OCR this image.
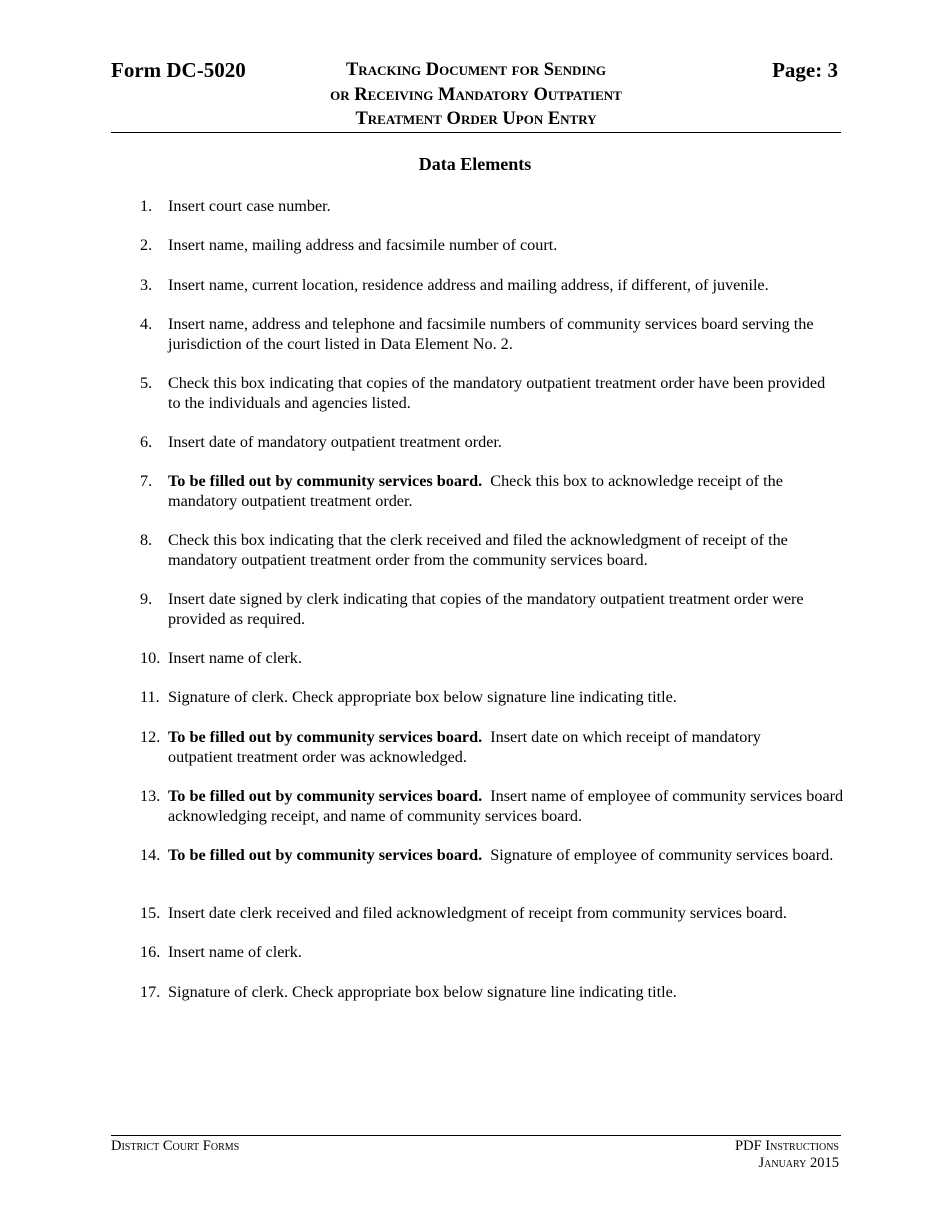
Form DC-5020	Tracking Document for Sending
or Receiving Mandatory Outpatient
Treatment Order Upon Entry
Page: 3
Data Elements
1. Insert court case number.
2. Insert name, mailing address and facsimile number of court.
3. Insert name, current location, residence address and mailing address, if different, of juvenile.
4. Insert name, address and telephone and facsimile numbers of community services board serving the jurisdiction of the court listed in Data Element No. 2.
5. Check this box indicating that copies of the mandatory outpatient treatment order have been provided to the individuals and agencies listed.
6. Insert date of mandatory outpatient treatment order.
7. To be filled out by community services board. Check this box to acknowledge receipt of the mandatory outpatient treatment order.
8. Check this box indicating that the clerk received and filed the acknowledgment of receipt of the mandatory outpatient treatment order from the community services board.
9. Insert date signed by clerk indicating that copies of the mandatory outpatient treatment order were provided as required.
10. Insert name of clerk.
11. Signature of clerk. Check appropriate box below signature line indicating title.
12. To be filled out by community services board. Insert date on which receipt of mandatory outpatient treatment order was acknowledged.
13. To be filled out by community services board. Insert name of employee of community services board acknowledging receipt, and name of community services board.
14. To be filled out by community services board. Signature of employee of community services board.
15. Insert date clerk received and filed acknowledgment of receipt from community services board.
16. Insert name of clerk.
17. Signature of clerk. Check appropriate box below signature line indicating title.
District Court Forms	PDF Instructions
January 2015
